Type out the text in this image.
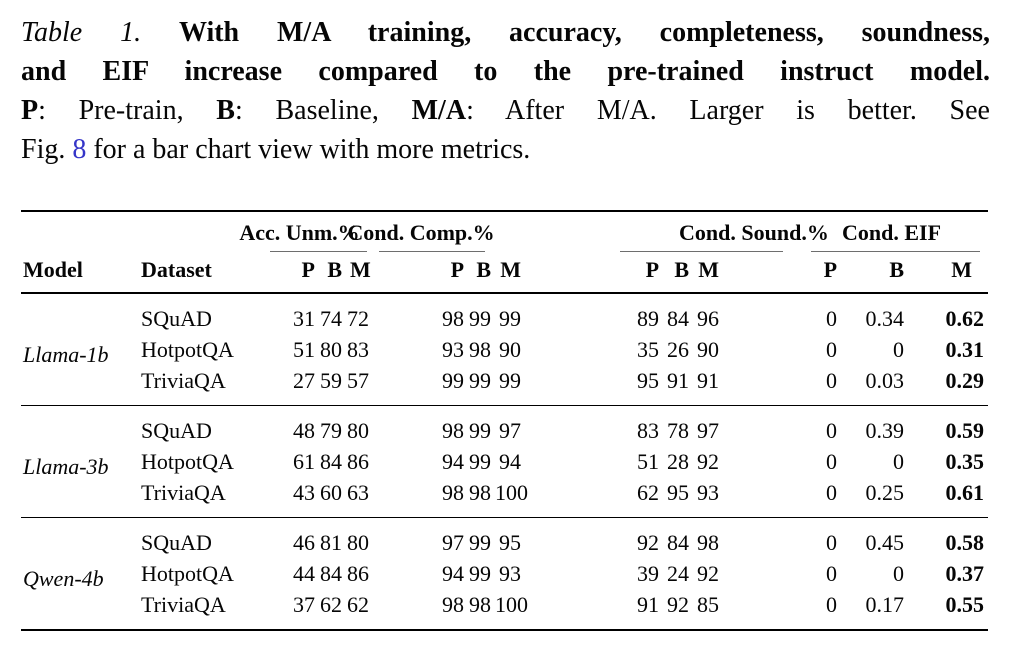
Table 1. With M/A training, accuracy, completeness, soundness,
and EIF increase compared to the pre-trained instruct model.
P: Pre-train, B: Baseline, M/A: After M/A. Larger is better. See
Fig. 8 for a bar chart view with more metrics.

		Acc. Unm.%			Cond. Comp.%			Cond. Sound.%			Cond. EIF		

Model	Dataset	P	B	M	P	B	M	P	B	M	P	B	M
Llama-1b	SQuAD	31	74	72	98	99	99	89	84	96	0	0.34	0.62
	HotpotQA	51	80	83	93	98	90	35	26	90	0	0	0.31
	TriviaQA	27	59	57	99	99	99	95	91	91	0	0.03	0.29
Llama-3b	SQuAD	48	79	80	98	99	97	83	78	97	0	0.39	0.59
	HotpotQA	61	84	86	94	99	94	51	28	92	0	0	0.35
	TriviaQA	43	60	63	98	98	100	62	95	93	0	0.25	0.61
Qwen-4b	SQuAD	46	81	80	97	99	95	92	84	98	0	0.45	0.58
	HotpotQA	44	84	86	94	99	93	39	24	92	0	0	0.37
	TriviaQA	37	62	62	98	98	100	91	92	85	0	0.17	0.55
